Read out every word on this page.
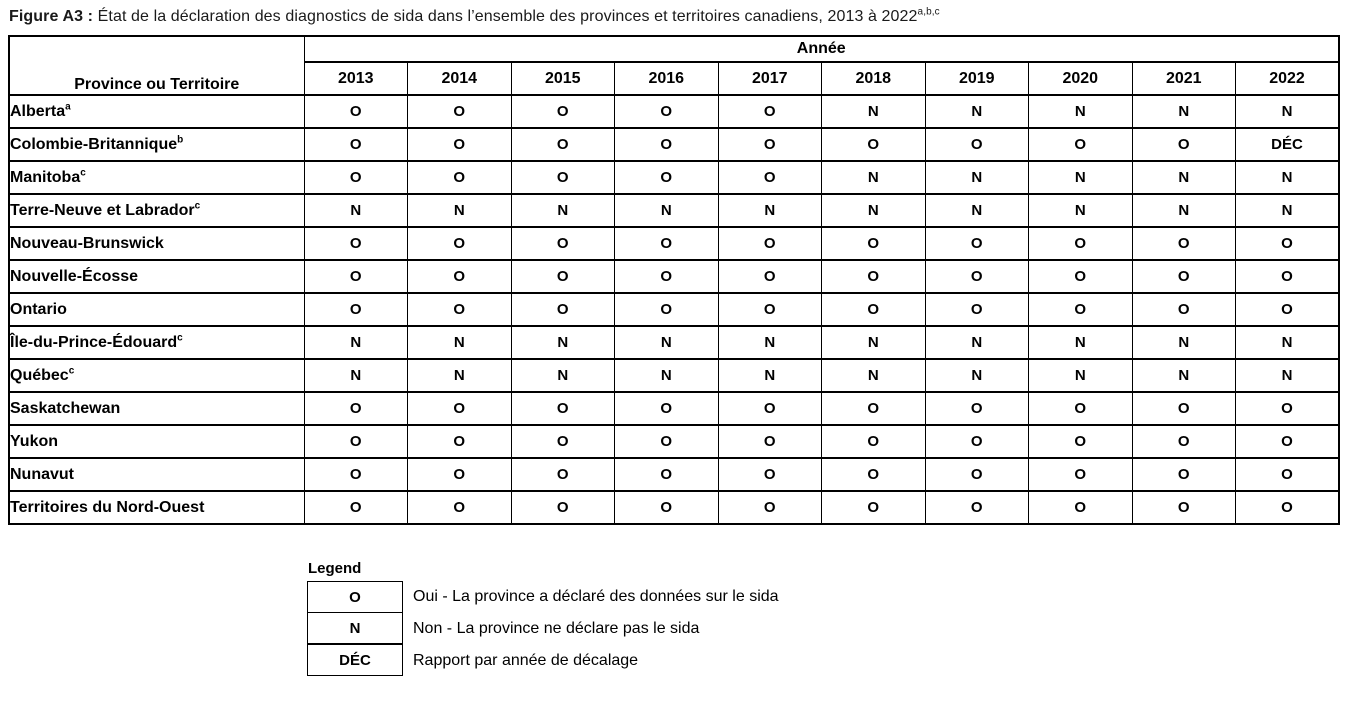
Figure A3 : État de la déclaration des diagnostics de sida dans l’ensemble des provinces et territoires canadiens, 2013 à 2022$^{a,b,c}$
Province ou Territoire	Année									
	2013	2014	2015	2016	2017	2018	2019	2020	2021	2022
Alberta$^a$	O	O	O	O	O	N	N	N	N	N
Colombie-Britannique$^b$	O	O	O	O	O	O	O	O	O	DÉC
Manitoba$^c$	O	O	O	O	O	N	N	N	N	N
Terre-Neuve et Labrador$^c$	N	N	N	N	N	N	N	N	N	N
Nouveau-Brunswick	O	O	O	O	O	O	O	O	O	O
Nouvelle-Écosse	O	O	O	O	O	O	O	O	O	O
Ontario	O	O	O	O	O	O	O	O	O	O
Île-du-Prince-Édouard$^c$	N	N	N	N	N	N	N	N	N	N
Québec$^c$	N	N	N	N	N	N	N	N	N	N
Saskatchewan	O	O	O	O	O	O	O	O	O	O
Yukon	O	O	O	O	O	O	O	O	O	O
Nunavut	O	O	O	O	O	O	O	O	O	O
Territoires du Nord-Ouest	O	O	O	O	O	O	O	O	O	O
Legend
O	Oui - La province a déclaré des données sur le sida
N	Non - La province ne déclare pas le sida
DÉC	Rapport par année de décalage
